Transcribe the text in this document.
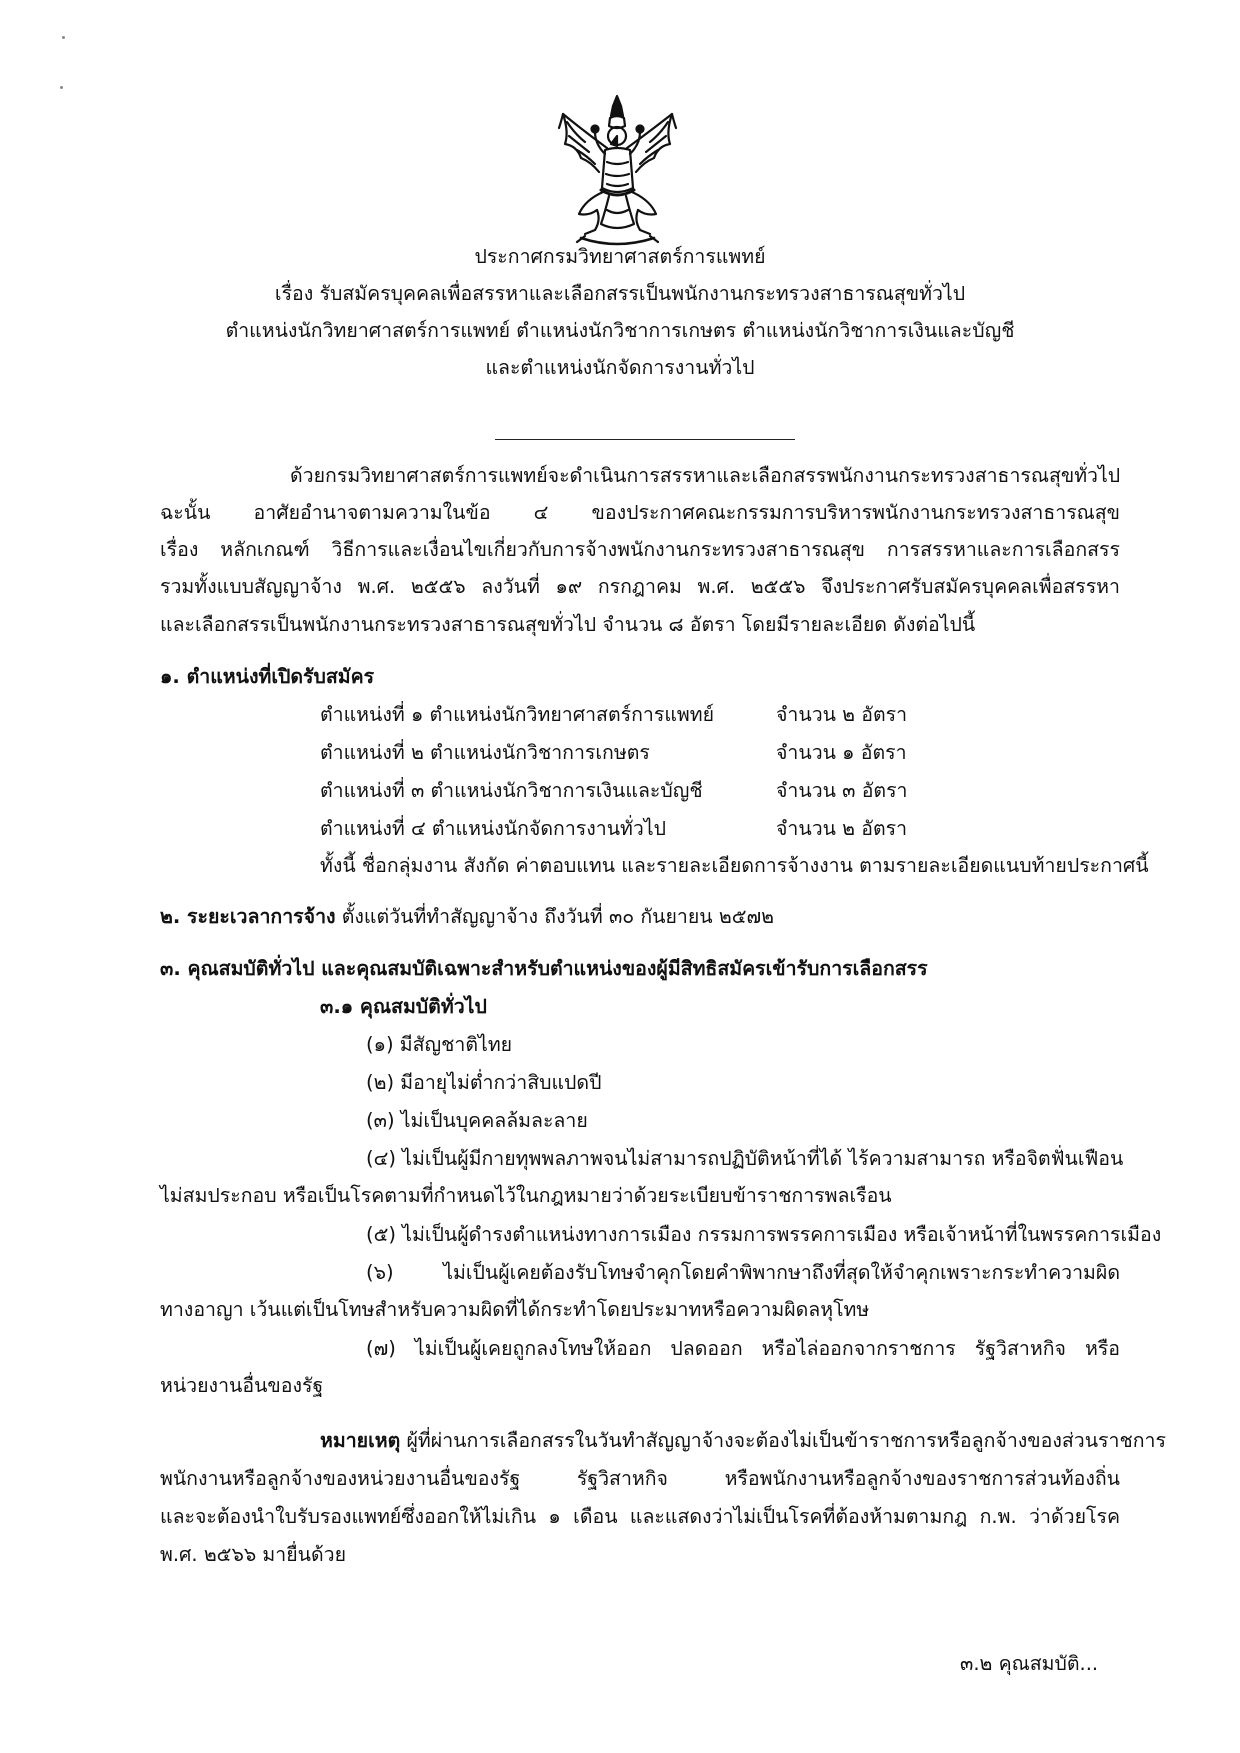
ประกาศกรมวิทยาศาสตร์การแพทย์
เรื่อง รับสมัครบุคคลเพื่อสรรหาและเลือกสรรเป็นพนักงานกระทรวงสาธารณสุขทั่วไป
ตำแหน่งนักวิทยาศาสตร์การแพทย์ ตำแหน่งนักวิชาการเกษตร ตำแหน่งนักวิชาการเงินและบัญชี
และตำแหน่งนักจัดการงานทั่วไป
ด้วยกรมวิทยาศาสตร์การแพทย์จะดำเนินการสรรหาและเลือกสรรพนักงานกระทรวงสาธารณสุขทั่วไป
ฉะนั้น อาศัยอำนาจตามความในข้อ ๔ ของประกาศคณะกรรมการบริหารพนักงานกระทรวงสาธารณสุข
เรื่อง หลักเกณฑ์ วิธีการและเงื่อนไขเกี่ยวกับการจ้างพนักงานกระทรวงสาธารณสุข การสรรหาและการเลือกสรร
รวมทั้งแบบสัญญาจ้าง พ.ศ. ๒๕๕๖ ลงวันที่ ๑๙ กรกฎาคม พ.ศ. ๒๕๕๖ จึงประกาศรับสมัครบุคคลเพื่อสรรหา
และเลือกสรรเป็นพนักงานกระทรวงสาธารณสุขทั่วไป จำนวน ๘ อัตรา โดยมีรายละเอียด ดังต่อไปนี้
๑. ตำแหน่งที่เปิดรับสมัคร
ตำแหน่งที่ ๑ ตำแหน่งนักวิทยาศาสตร์การแพทย์	จำนวน ๒ อัตรา
ตำแหน่งที่ ๒ ตำแหน่งนักวิชาการเกษตร	จำนวน ๑ อัตรา
ตำแหน่งที่ ๓ ตำแหน่งนักวิชาการเงินและบัญชี	จำนวน ๓ อัตรา
ตำแหน่งที่ ๔ ตำแหน่งนักจัดการงานทั่วไป	จำนวน ๒ อัตรา
ทั้งนี้ ชื่อกลุ่มงาน สังกัด ค่าตอบแทน และรายละเอียดการจ้างงาน ตามรายละเอียดแนบท้ายประกาศนี้
๒. ระยะเวลาการจ้าง ตั้งแต่วันที่ทำสัญญาจ้าง ถึงวันที่ ๓๐ กันยายน ๒๕๗๒
๓. คุณสมบัติทั่วไป และคุณสมบัติเฉพาะสำหรับตำแหน่งของผู้มีสิทธิสมัครเข้ารับการเลือกสรร
๓.๑ คุณสมบัติทั่วไป
(๑) มีสัญชาติไทย
(๒) มีอายุไม่ต่ำกว่าสิบแปดปี
(๓) ไม่เป็นบุคคลล้มละลาย
(๔) ไม่เป็นผู้มีกายทุพพลภาพจนไม่สามารถปฏิบัติหน้าที่ได้ ไร้ความสามารถ หรือจิตฟั่นเฟือน
ไม่สมประกอบ หรือเป็นโรคตามที่กำหนดไว้ในกฎหมายว่าด้วยระเบียบข้าราชการพลเรือน
(๕) ไม่เป็นผู้ดำรงตำแหน่งทางการเมือง กรรมการพรรคการเมือง หรือเจ้าหน้าที่ในพรรคการเมือง
(๖) ไม่เป็นผู้เคยต้องรับโทษจำคุกโดยคำพิพากษาถึงที่สุดให้จำคุกเพราะกระทำความผิด
ทางอาญา เว้นแต่เป็นโทษสำหรับความผิดที่ได้กระทำโดยประมาทหรือความผิดลหุโทษ
(๗) ไม่เป็นผู้เคยถูกลงโทษให้ออก ปลดออก หรือไล่ออกจากราชการ รัฐวิสาหกิจ หรือ
หน่วยงานอื่นของรัฐ
หมายเหตุ ผู้ที่ผ่านการเลือกสรรในวันทำสัญญาจ้างจะต้องไม่เป็นข้าราชการหรือลูกจ้างของส่วนราชการ
พนักงานหรือลูกจ้างของหน่วยงานอื่นของรัฐ รัฐวิสาหกิจ หรือพนักงานหรือลูกจ้างของราชการส่วนท้องถิ่น
และจะต้องนำใบรับรองแพทย์ซึ่งออกให้ไม่เกิน ๑ เดือน และแสดงว่าไม่เป็นโรคที่ต้องห้ามตามกฎ ก.พ. ว่าด้วยโรค
พ.ศ. ๒๕๖๖ มายื่นด้วย
๓.๒ คุณสมบัติ...
